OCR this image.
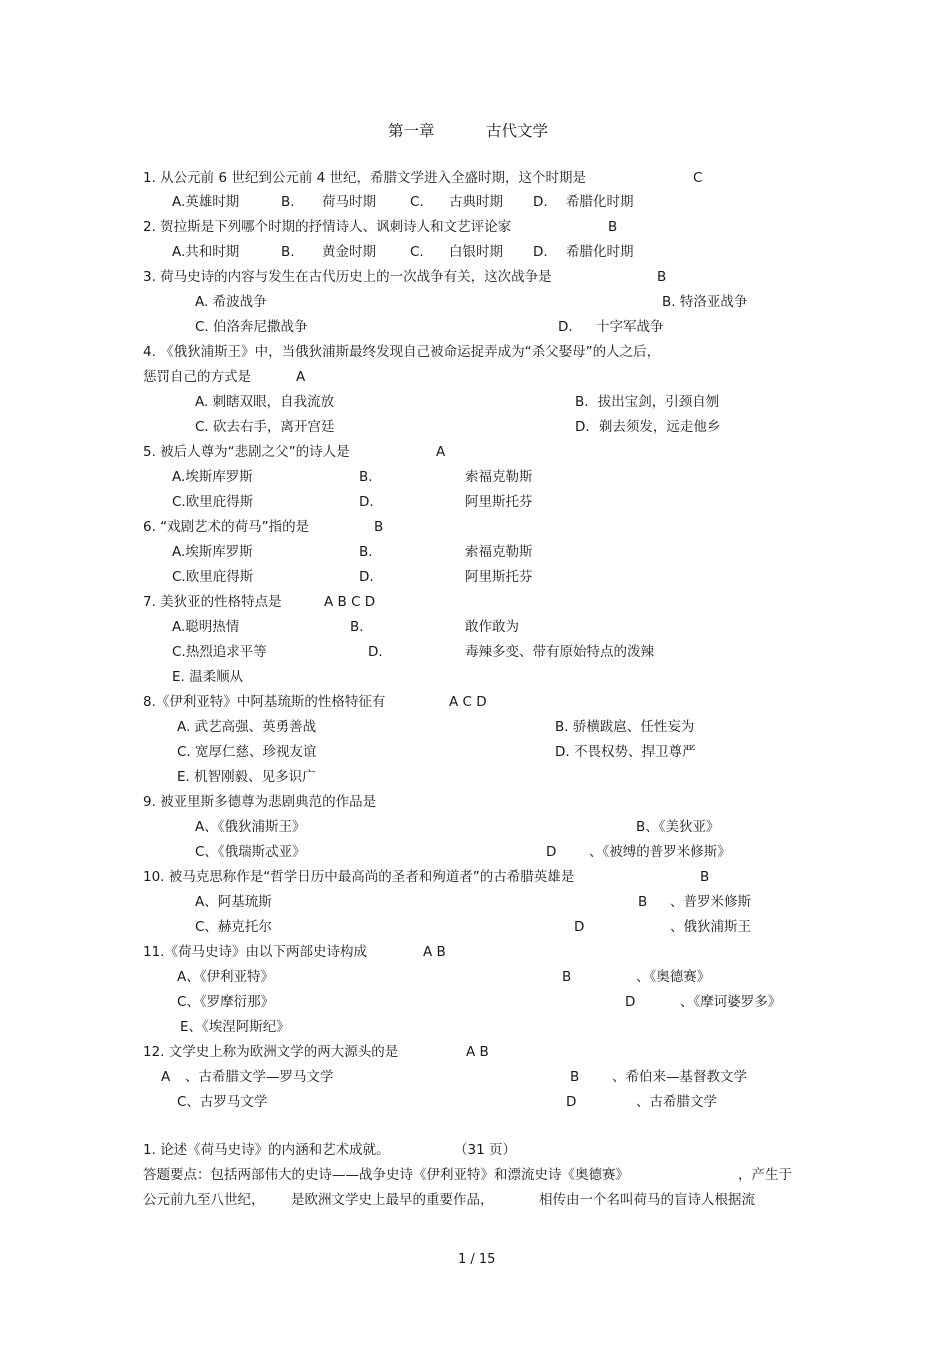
第一章	古代文学
1. 从公元前 6 世纪到公元前 4 世纪，希腊文学进入全盛时期，这个时期是	C
A.英雄时期	B. 荷马时期	C. 古典时期 D. 希腊化时期
2. 贺拉斯是下列哪个时期的抒情诗人、讽刺诗人和文艺评论家	B
A.共和时期	B. 黄金时期	C. 白银时期 D. 希腊化时期
3. 荷马史诗的内容与发生在古代历史上的一次战争有关，这次战争是	B
A. 希波战争	B. 特洛亚战争
C. 伯洛奔尼撒战争	D. 十字军战争
4. 《俄狄浦斯王》中，当俄狄浦斯最终发现自己被命运捉弄成为“杀父娶母”的人之后，
惩罚自己的方式是	A
A. 刺瞎双眼，自我流放	B．拔出宝剑，引颈自刎
C. 砍去右手，离开宫廷	D．剃去须发，远走他乡
5. 被后人尊为“悲剧之父”的诗人是	A
A.埃斯库罗斯	B.	索福克勒斯
C.欧里庇得斯	D.	阿里斯托芬
6. “戏剧艺术的荷马”指的是	B
A.埃斯库罗斯	B.	索福克勒斯
C.欧里庇得斯	D.	阿里斯托芬
7. 美狄亚的性格特点是	A B C D
A.聪明热情	B.	敢作敢为
C.热烈追求平等	D.	毒辣多变、带有原始特点的泼辣
E. 温柔顺从
8.《伊利亚特》中阿基琉斯的性格特征有	A C D
A. 武艺高强、英勇善战	B. 骄横跋扈、任性妄为
C. 宽厚仁慈、珍视友谊	D. 不畏权势、捍卫尊严
E. 机智刚毅、见多识广
9. 被亚里斯多德尊为悲剧典范的作品是
A、《俄狄浦斯王》	B、《美狄亚》
C、《俄瑞斯忒亚》	D 、《被缚的普罗米修斯》
10. 被马克思称作是“哲学日历中最高尚的圣者和殉道者”的古希腊英雄是	B
A、阿基琉斯	B 、普罗米修斯
C、赫克托尔	D	、俄狄浦斯王
11.《荷马史诗》由以下两部史诗构成	A B
A、《伊利亚特》	B	、《奥德赛》
C、《罗摩衍那》	D	、《摩诃婆罗多》
E、《埃涅阿斯纪》
12. 文学史上称为欧洲文学的两大源头的是	A B
A 、古希腊文学—罗马文学	B 、希伯来—基督教文学
C、古罗马文学	D	、古希腊文学
1. 论述《荷马史诗》的内涵和艺术成就。	（31 页）
答题要点：包括两部伟大的史诗——战争史诗《伊利亚特》和漂流史诗《奥德赛》	，产生于
公元前九至八世纪， 是欧洲文学史上最早的重要作品，	相传由一个名叫荷马的盲诗人根据流
1 / 15
